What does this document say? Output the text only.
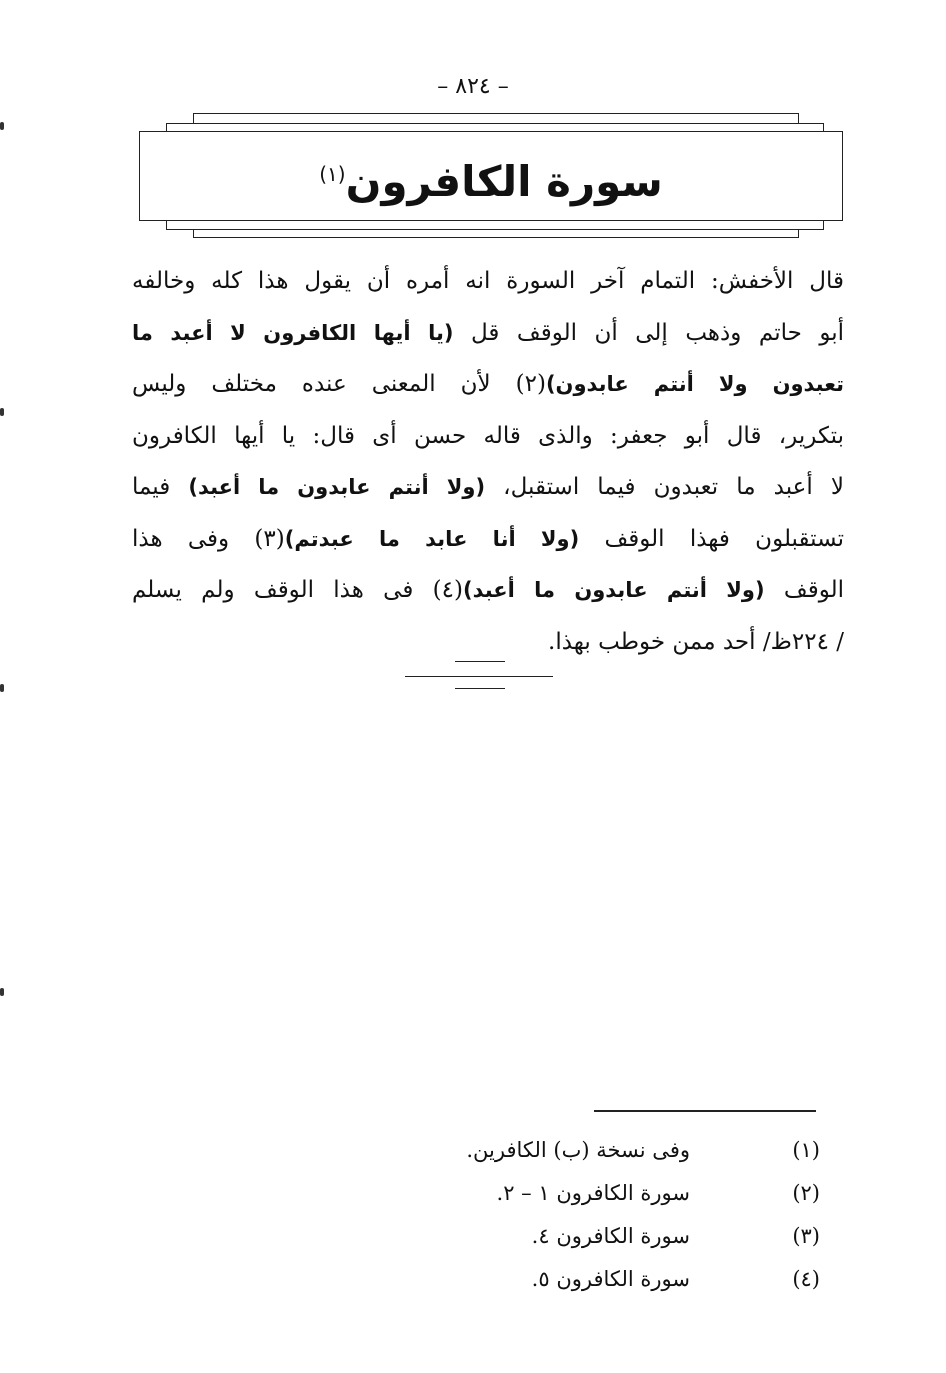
– ٨٢٤ –
سورة الكافرون$^{(١)}$
قال الأخفش: التمام آخر السورة انه أمره أن يقول هذا كله وخالفه
أبو حاتم وذهب إلى أن الوقف قل (يا أيها الكافرون لا أعبد ما
تعبدون ولا أنتم عابدون)(٢) لأن المعنى عنده مختلف وليس
بتكرير، قال أبو جعفر: والذى قاله حسن أى قال: يا أيها الكافرون
لا أعبد ما تعبدون فيما استقبل، (ولا أنتم عابدون ما أعبد) فيما
تستقبلون فهذا الوقف (ولا أنا عابد ما عبدتم)(٣) وفى هذا
الوقف (ولا أنتم عابدون ما أعبد)(٤) فى هذا الوقف ولم يسلم
/ ٢٢٤ظ/ أحد ممن خوطب بهذا.
(١)
وفى نسخة (ب) الكافرين.
(٢)
سورة الكافرون ١ – ٢.
(٣)
سورة الكافرون ٤.
(٤)
سورة الكافرون ٥.
